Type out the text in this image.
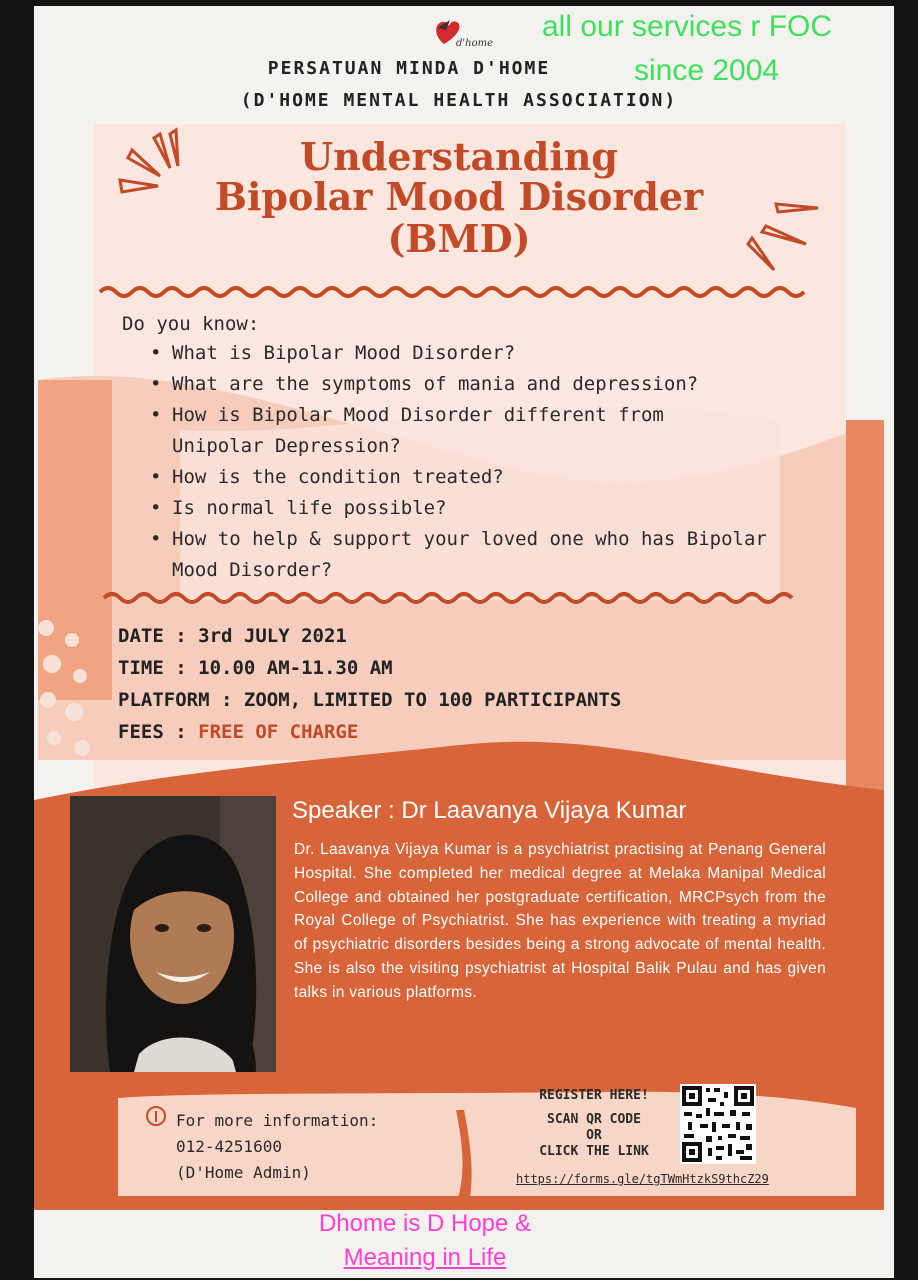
d'home
all our services r FOC
since 2004
PERSATUAN MINDA D'HOME
(D'HOME MENTAL HEALTH ASSOCIATION)
Understanding
Bipolar Mood Disorder
(BMD)
Do you know:
• What is Bipolar Mood Disorder?
• What are the symptoms of mania and depression?
• How is Bipolar Mood Disorder different from Unipolar Depression?
• How is the condition treated?
• Is normal life possible?
• How to help & support your loved one who has Bipolar Mood Disorder?
DATE : 3rd JULY 2021
TIME : 10.00 AM-11.30 AM
PLATFORM : ZOOM, LIMITED TO 100 PARTICIPANTS
FEES : FREE OF CHARGE
Speaker : Dr Laavanya Vijaya Kumar
Dr. Laavanya Vijaya Kumar is a psychiatrist practising at Penang General Hospital. She completed her medical degree at Melaka Manipal Medical College and obtained her postgraduate certification, MRCPsych from the Royal College of Psychiatrist. She has experience with treating a myriad of psychiatric disorders besides being a strong advocate of mental health. She is also the visiting psychiatrist at Hospital Balik Pulau and has given talks in various platforms.
For more information:
012-4251600
(D'Home Admin)
REGISTER HERE!
SCAN QR CODE
OR
CLICK THE LINK
https://forms.gle/tgTWmHtzkS9thcZ29
Dhome is D Hope &
Meaning in Life
